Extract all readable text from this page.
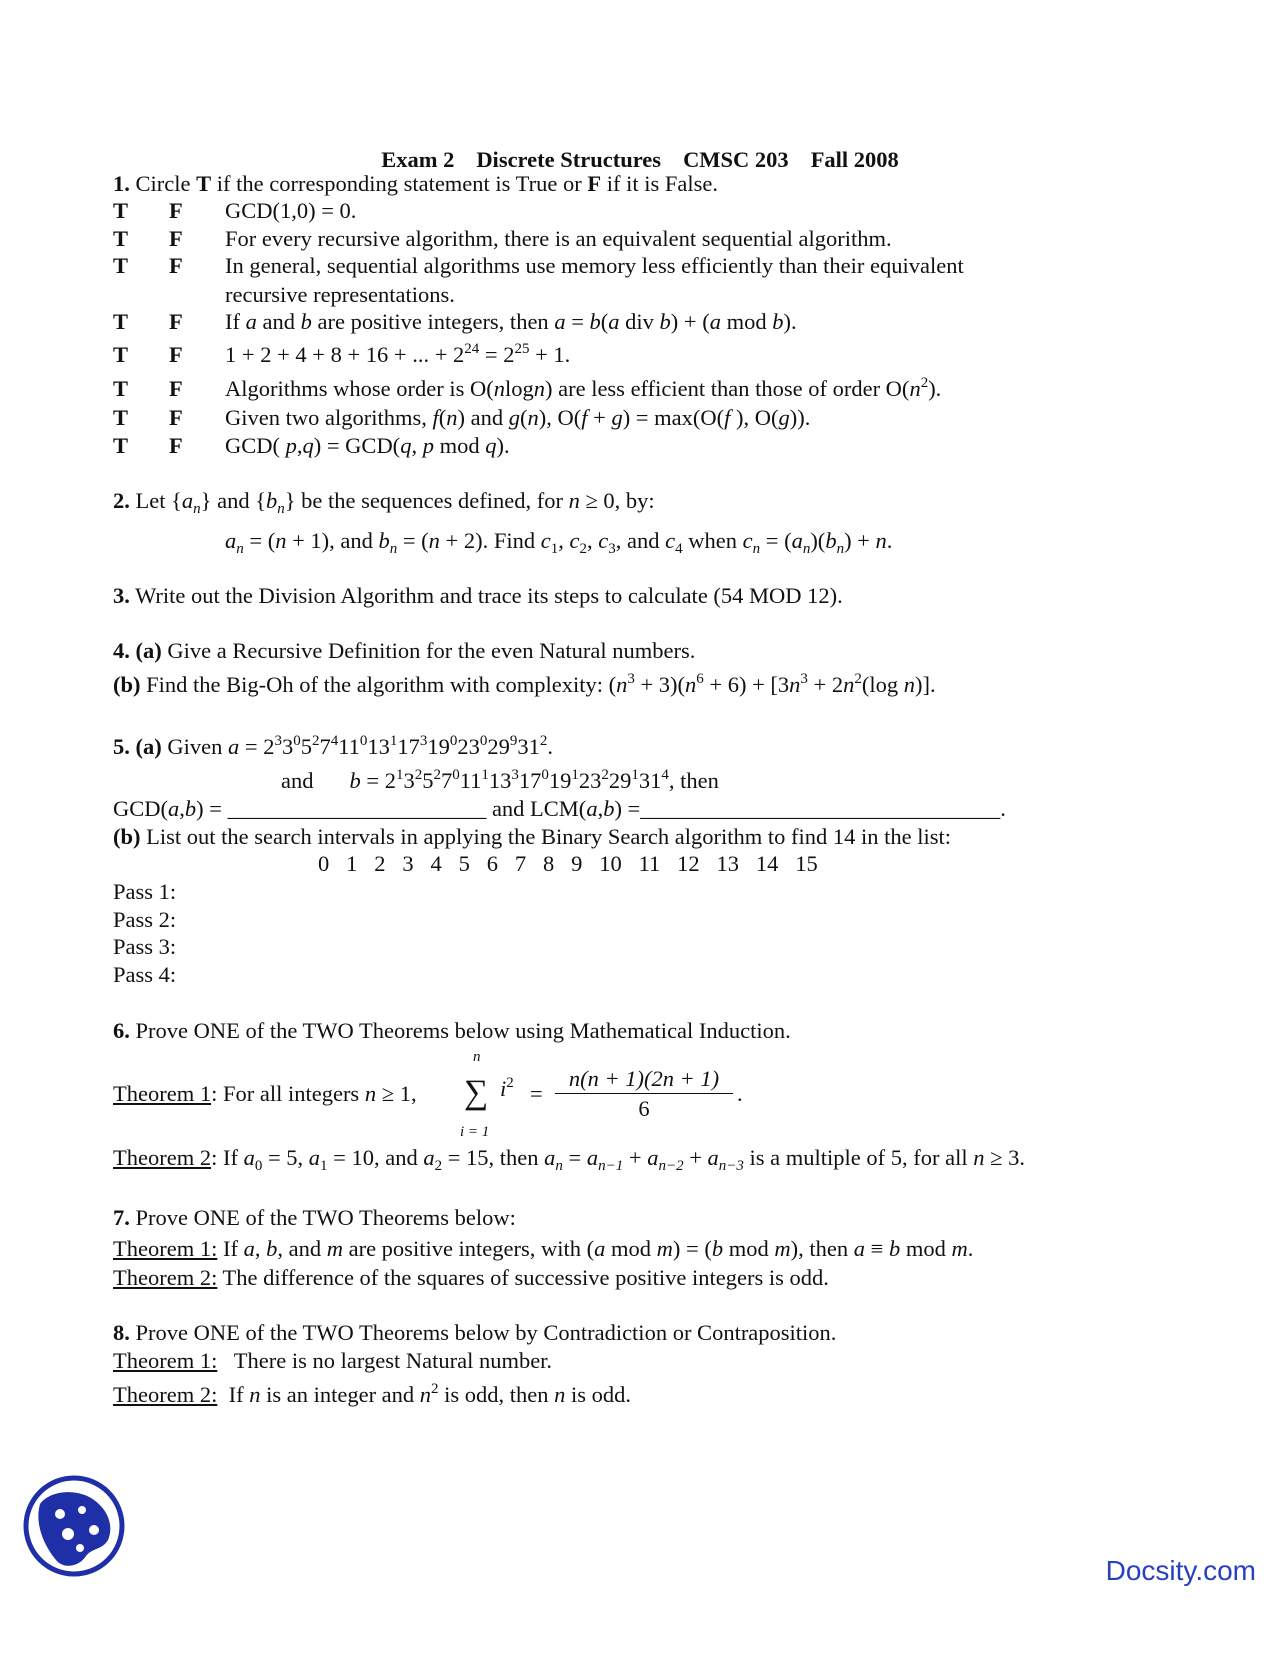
Exam 2 Discrete Structures CMSC 203 Fall 2008
1. Circle T if the corresponding statement is True or F if it is False.
T F GCD(1,0) = 0.
T F For every recursive algorithm, there is an equivalent sequential algorithm.
T F In general, sequential algorithms use memory less efficiently than their equivalent
recursive representations.
T F If a and b are positive integers, then a = b(a div b) + (a mod b).
T F 1 + 2 + 4 + 8 + 16 + ... + $2^{24} = 2^{25} + 1$.
T F Algorithms whose order is O(nlogn) are less efficient than those of order $O(n^2)$.
T F Given two algorithms, f(n) and g(n), O(f + g) = max(O(f ), O(g)).
T F GCD( p,q) = GCD(q, p mod q).
2. Let $\{a_n\}$ and $\{b_n\}$ be the sequences defined, for n ≥ 0, by:
$a_n = (n + 1)$, and $b_n = (n + 2)$. Find $c_1$, $c_2$, $c_3$, and $c_4$ when $c_n = (a_n)(b_n) + n$.
3. Write out the Division Algorithm and trace its steps to calculate (54 MOD 12).
4. (a) Give a Recursive Definition for the even Natural numbers.
(b) Find the Big-Oh of the algorithm with complexity: $(n^3 + 3)(n^6 + 6) + [3n^3 + 2n^2(\log$ n)].
5. (a) Given $a = 2^33^05^27^411^013^117^319^023^029^931^2$.
and $b = 2^13^25^27^011^113^317^019^123^229^131^4$, then
GCD(a,b) = _______________________ and LCM(a,b) =________________________________.
(b) List out the search intervals in applying the Binary Search algorithm to find 14 in the list:
0   1   2   3   4   5   6   7   8   9   10   11   12   13   14   15
Pass 1:
Pass 2:
Pass 3:
Pass 4:
6. Prove ONE of the TWO Theorems below using Mathematical Induction.
n
Theorem 1: For all integers n ≥ 1, ∑ $i^2 = \frac{n(n + 1)(2n + 1)}{6}$ .
i = 1
Theorem 2: If $a_0 = 5$, $a_1 = 10$, and $a_2 = 15$, then $a_n = a_{n-1} + a_{n-2} + a_{n-3}$ is a multiple of 5, for all n ≥ 3.
7. Prove ONE of the TWO Theorems below:
Theorem 1: If a, b, and m are positive integers, with (a mod m) = (b mod m), then a ≡ b mod m.
Theorem 2: The difference of the squares of successive positive integers is odd.
8. Prove ONE of the TWO Theorems below by Contradiction or Contraposition.
Theorem 1:   There is no largest Natural number.
Theorem 2:  If n is an integer and $n^2$ is odd, then n is odd.
Docsity.com
